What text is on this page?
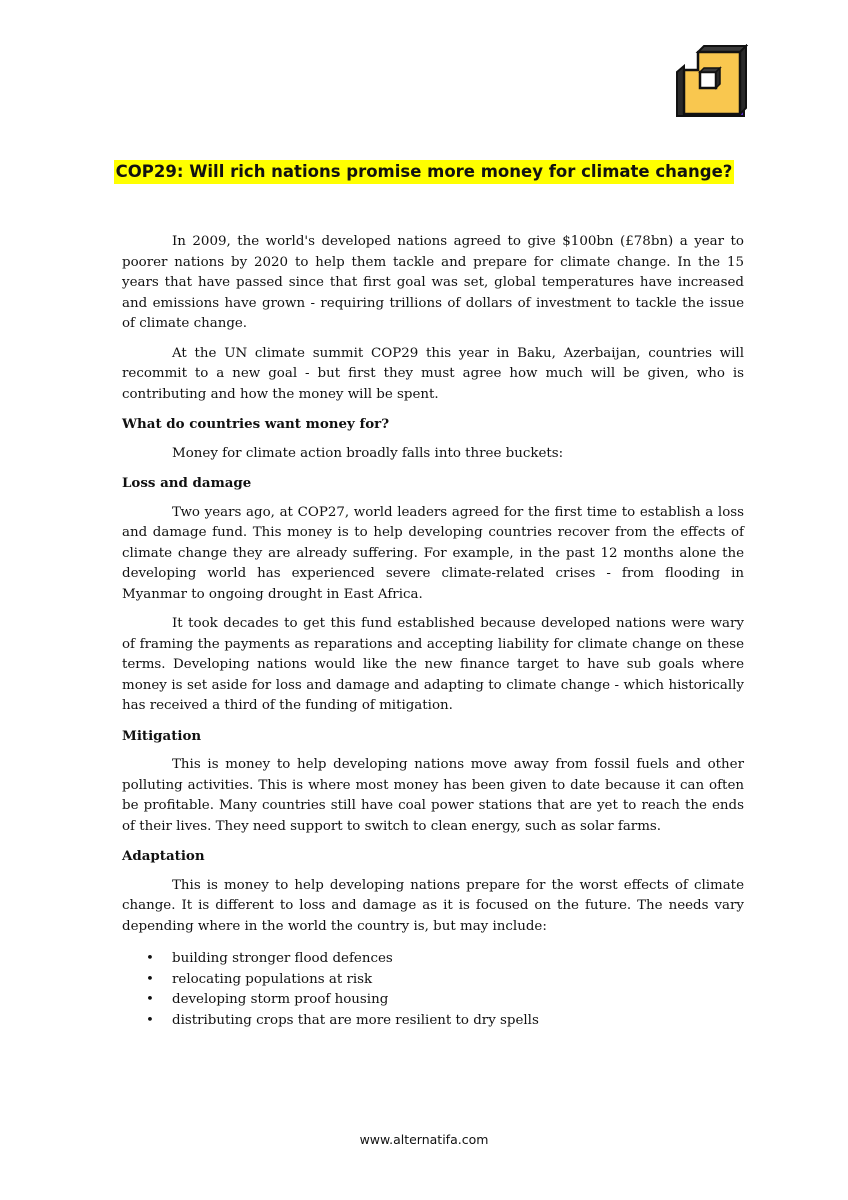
COP29: Will rich nations promise more money for climate change?

In 2009, the world's developed nations agreed to give $100bn (£78bn) a year to poorer nations by 2020 to help them tackle and prepare for climate change. In the 15 years that have passed since that first goal was set, global temperatures have increased and emissions have grown - requiring trillions of dollars of investment to tackle the issue of climate change.

At the UN climate summit COP29 this year in Baku, Azerbaijan, countries will recommit to a new goal - but first they must agree how much will be given, who is contributing and how the money will be spent.

What do countries want money for?

Money for climate action broadly falls into three buckets:

Loss and damage

Two years ago, at COP27, world leaders agreed for the first time to establish a loss and damage fund. This money is to help developing countries recover from the effects of climate change they are already suffering. For example, in the past 12 months alone the developing world has experienced severe climate-related crises - from flooding in Myanmar to ongoing drought in East Africa.

It took decades to get this fund established because developed nations were wary of framing the payments as reparations and accepting liability for climate change on these terms. Developing nations would like the new finance target to have sub goals where money is set aside for loss and damage and adapting to climate change - which historically has received a third of the funding of mitigation.

Mitigation

This is money to help developing nations move away from fossil fuels and other polluting activities. This is where most money has been given to date because it can often be profitable. Many countries still have coal power stations that are yet to reach the ends of their lives. They need support to switch to clean energy, such as solar farms.

Adaptation

This is money to help developing nations prepare for the worst effects of climate change. It is different to loss and damage as it is focused on the future. The needs vary depending where in the world the country is, but may include:

• building stronger flood defences
• relocating populations at risk
• developing storm proof housing
• distributing crops that are more resilient to dry spells
www.alternatifa.com
